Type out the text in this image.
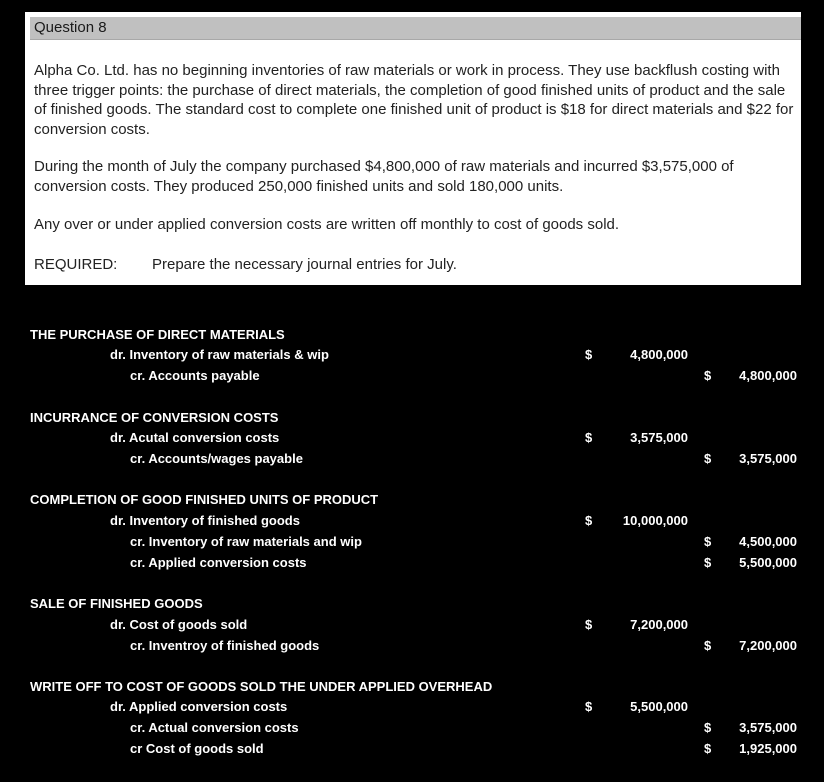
Question 8

Alpha Co. Ltd. has no beginning inventories of raw materials or work in process. They use backflush costing with three trigger points: the purchase of direct materials, the completion of good finished units of product and the sale of finished goods. The standard cost to complete one finished unit of product is $18 for direct materials and $22 for conversion costs.

During the month of July the company purchased $4,800,000 of raw materials and incurred $3,575,000 of conversion costs. They produced 250,000 finished units and sold 180,000 units.

Any over or under applied conversion costs are written off monthly to cost of goods sold.

REQUIRED: Prepare the necessary journal entries for July.
THE PURCHASE OF DIRECT MATERIALS
dr. Inventory of raw materials & wip	$	4,800,000
cr. Accounts payable	$ 4,800,000
INCURRANCE OF CONVERSION COSTS
dr. Acutal conversion costs	$	3,575,000
cr. Accounts/wages payable	$ 3,575,000
COMPLETION OF GOOD FINISHED UNITS OF PRODUCT
dr. Inventory of finished goods	$ 10,000,000
cr. Inventory of raw materials and wip	$ 4,500,000
cr. Applied conversion costs	$ 5,500,000
SALE OF FINISHED GOODS
dr. Cost of goods sold	$	7,200,000
cr. Inventroy of finished goods	$ 7,200,000
WRITE OFF TO COST OF GOODS SOLD THE UNDER APPLIED OVERHEAD
dr. Applied conversion costs	$	5,500,000
cr. Actual conversion costs	$ 3,575,000
cr Cost of goods sold	$ 1,925,000
